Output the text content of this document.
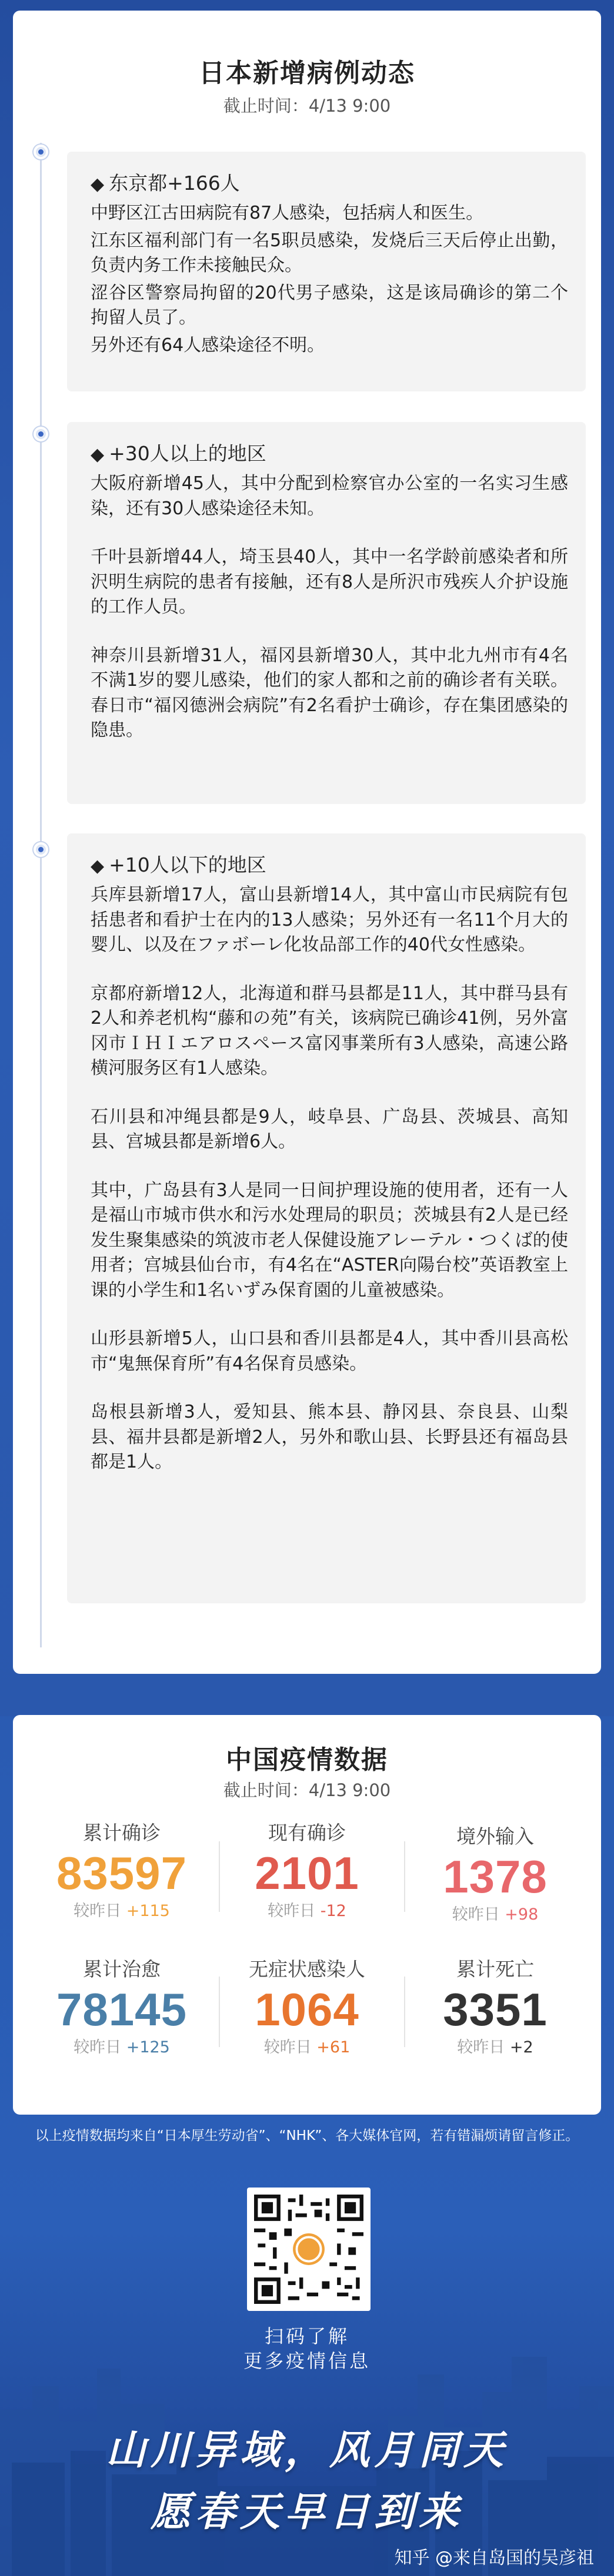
日本新增病例动态
截止时间：4/13 9:00
◆ 东京都+166人
中野区江古田病院有87人感染，包括病人和医生。
江东区福利部门有一名5职员感染，发烧后三天后停止出勤，负责内务工作未接触民众。
涩谷区警察局拘留的20代男子感染，这是该局确诊的第二个拘留人员了。
另外还有64人感染途径不明。
◆ +30人以上的地区
大阪府新增45人，其中分配到检察官办公室的一名实习生感染，还有30人感染途径未知。
千叶县新增44人，埼玉县40人，其中一名学龄前感染者和所沢明生病院的患者有接触，还有8人是所沢市残疾人介护设施的工作人员。
神奈川县新增31人，福冈县新增30人，其中北九州市有4名不满1岁的婴儿感染，他们的家人都和之前的确诊者有关联。春日市“福冈德洲会病院”有2名看护士确诊，存在集团感染的隐患。
◆ +10人以下的地区
兵库县新增17人，富山县新增14人，其中富山市民病院有包括患者和看护士在内的13人感染；另外还有一名11个月大的婴儿、以及在ファボーレ化妆品部工作的40代女性感染。
京都府新增12人，北海道和群马县都是11人，其中群马县有2人和养老机构“藤和の苑”有关，该病院已确诊41例，另外富冈市ＩＨＩエアロスペース富冈事業所有3人感染，高速公路横河服务区有1人感染。
石川县和冲绳县都是9人，岐阜县、广岛县、茨城县、高知县、宫城县都是新增6人。
其中，广岛县有3人是同一日间护理设施的使用者，还有一人是福山市城市供水和污水处理局的职员；茨城县有2人是已经发生聚集感染的筑波市老人保健设施アレーテル・つくば的使用者；宫城县仙台市，有4名在“ASTER向陽台校”英语教室上课的小学生和1名いずみ保育園的儿童被感染。
山形县新增5人，山口县和香川县都是4人，其中香川县高松市“鬼無保育所”有4名保育员感染。
岛根县新增3人，爱知县、熊本县、静冈县、奈良县、山梨县、福井县都是新增2人，另外和歌山县、长野县还有福岛县都是1人。
中国疫情数据
截止时间：4/13 9:00
累计确诊
83597
较昨日 +115
现有确诊
2101
较昨日 -12
境外输入
1378
较昨日 +98
累计治愈
78145
较昨日 +125
无症状感染人
1064
较昨日 +61
累计死亡
3351
较昨日 +2
以上疫情数据均来自“日本厚生劳动省”、“NHK”、各大媒体官网，若有错漏烦请留言修正。
扫码了解
更多疫情信息
山川异域，风月同天
愿春天早日到来
知乎 @来自岛国的吴彦祖
